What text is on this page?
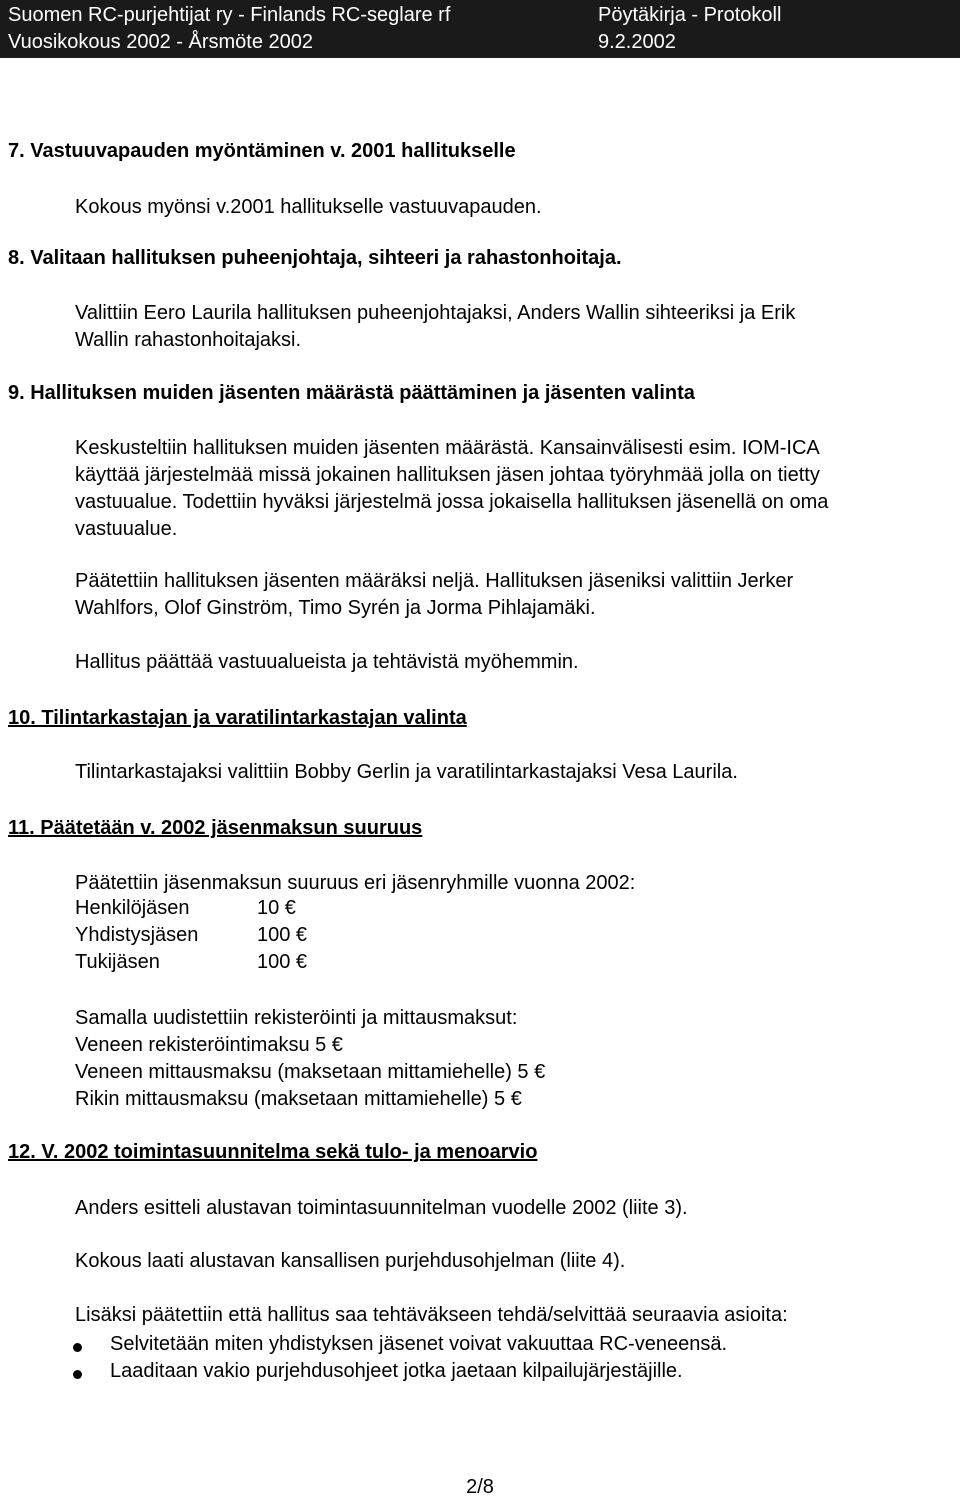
Suomen RC-purjehtijat ry - Finlands RC-seglare rf	Pöytäkirja - Protokoll
Vuosikokous 2002 - Årsmöte 2002	9.2.2002
7. Vastuuvapauden myöntäminen v. 2001 hallitukselle
Kokous myönsi v.2001 hallitukselle vastuuvapauden.
8. Valitaan hallituksen puheenjohtaja, sihteeri ja rahastonhoitaja.
Valittiin Eero Laurila hallituksen puheenjohtajaksi, Anders Wallin sihteeriksi ja Erik
Wallin rahastonhoitajaksi.
9. Hallituksen muiden jäsenten määrästä päättäminen ja jäsenten valinta
Keskusteltiin hallituksen muiden jäsenten määrästä. Kansainvälisesti esim. IOM-ICA
käyttää järjestelmää missä jokainen hallituksen jäsen johtaa työryhmää jolla on tietty
vastuualue. Todettiin hyväksi järjestelmä jossa jokaisella hallituksen jäsenellä on oma
vastuualue.
Päätettiin hallituksen jäsenten määräksi neljä. Hallituksen jäseniksi valittiin Jerker
Wahlfors, Olof Ginström, Timo Syrén ja Jorma Pihlajamäki.
Hallitus päättää vastuualueista ja tehtävistä myöhemmin.
10. Tilintarkastajan ja varatilintarkastajan valinta
Tilintarkastajaksi valittiin Bobby Gerlin ja varatilintarkastajaksi Vesa Laurila.
11. Päätetään v. 2002 jäsenmaksun suuruus
Päätettiin jäsenmaksun suuruus eri jäsenryhmille vuonna 2002:
Henkilöjäsen	10 €
Yhdistysjäsen	100 €
Tukijäsen	100 €
Samalla uudistettiin rekisteröinti ja mittausmaksut:
Veneen rekisteröintimaksu 5 €
Veneen mittausmaksu (maksetaan mittamiehelle) 5 €
Rikin mittausmaksu (maksetaan mittamiehelle) 5 €
12. V. 2002 toimintasuunnitelma sekä tulo- ja menoarvio
Anders esitteli alustavan toimintasuunnitelman vuodelle 2002 (liite 3).
Kokous laati alustavan kansallisen purjehdusohjelman (liite 4).
Lisäksi päätettiin että hallitus saa tehtäväkseen tehdä/selvittää seuraavia asioita:
Selvitetään miten yhdistyksen jäsenet voivat vakuuttaa RC-veneensä.
Laaditaan vakio purjehdusohjeet jotka jaetaan kilpailujärjestäjille.
2/8
